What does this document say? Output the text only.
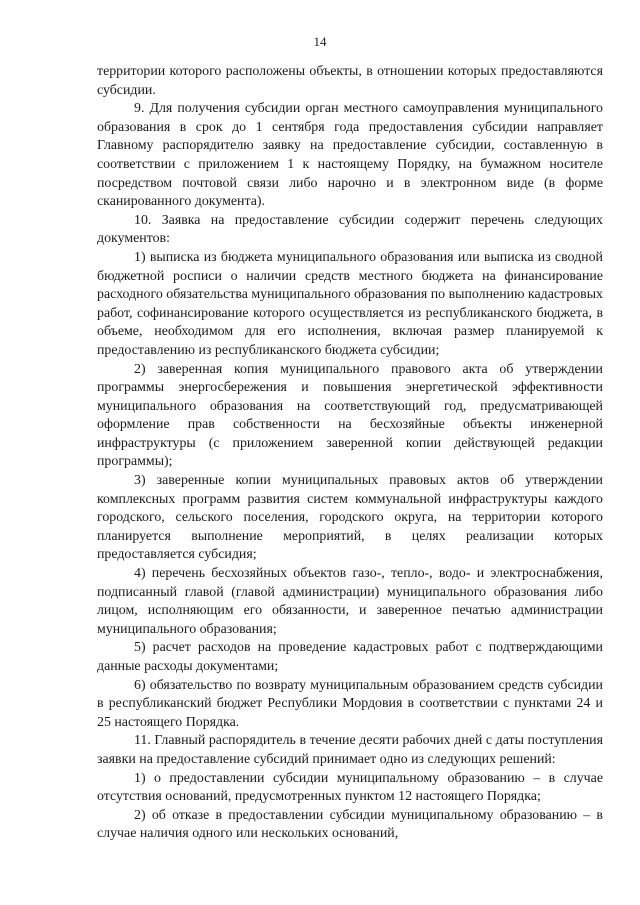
14

территории которого расположены объекты, в отношении которых предоставляются субсидии.

9. Для получения субсидии орган местного самоуправления муниципального образования в срок до 1 сентября года предоставления субсидии направляет Главному распорядителю заявку на предоставление субсидии, составленную в соответствии с приложением 1 к настоящему Порядку, на бумажном носителе посредством почтовой связи либо нарочно и в электронном виде (в форме сканированного документа).

10. Заявка на предоставление субсидии содержит перечень следующих документов:

1) выписка из бюджета муниципального образования или выписка из сводной бюджетной росписи о наличии средств местного бюджета на финансирование расходного обязательства муниципального образования по выполнению кадастровых работ, софинансирование которого осуществляется из республиканского бюджета, в объеме, необходимом для его исполнения, включая размер планируемой к предоставлению из республиканского бюджета субсидии;

2) заверенная копия муниципального правового акта об утверждении программы энергосбережения и повышения энергетической эффективности муниципального образования на соответствующий год, предусматривающей оформление прав собственности на бесхозяйные объекты инженерной инфраструктуры (с приложением заверенной копии действующей редакции программы);

3) заверенные копии муниципальных правовых актов об утверждении комплексных программ развития систем коммунальной инфраструктуры каждого городского, сельского поселения, городского округа, на территории которого планируется выполнение мероприятий, в целях реализации которых предоставляется субсидия;

4) перечень бесхозяйных объектов газо-, тепло-, водо- и электроснабжения, подписанный главой (главой администрации) муниципального образования либо лицом, исполняющим его обязанности, и заверенное печатью администрации муниципального образования;

5) расчет расходов на проведение кадастровых работ с подтверждающими данные расходы документами;

6) обязательство по возврату муниципальным образованием средств субсидии в республиканский бюджет Республики Мордовия в соответствии с пунктами 24 и 25 настоящего Порядка.

11. Главный распорядитель в течение десяти рабочих дней с даты поступления заявки на предоставление субсидий принимает одно из следующих решений:

1) о предоставлении субсидии муниципальному образованию – в случае отсутствия оснований, предусмотренных пунктом 12 настоящего Порядка;

2) об отказе в предоставлении субсидии муниципальному образованию – в случае наличия одного или нескольких оснований,
